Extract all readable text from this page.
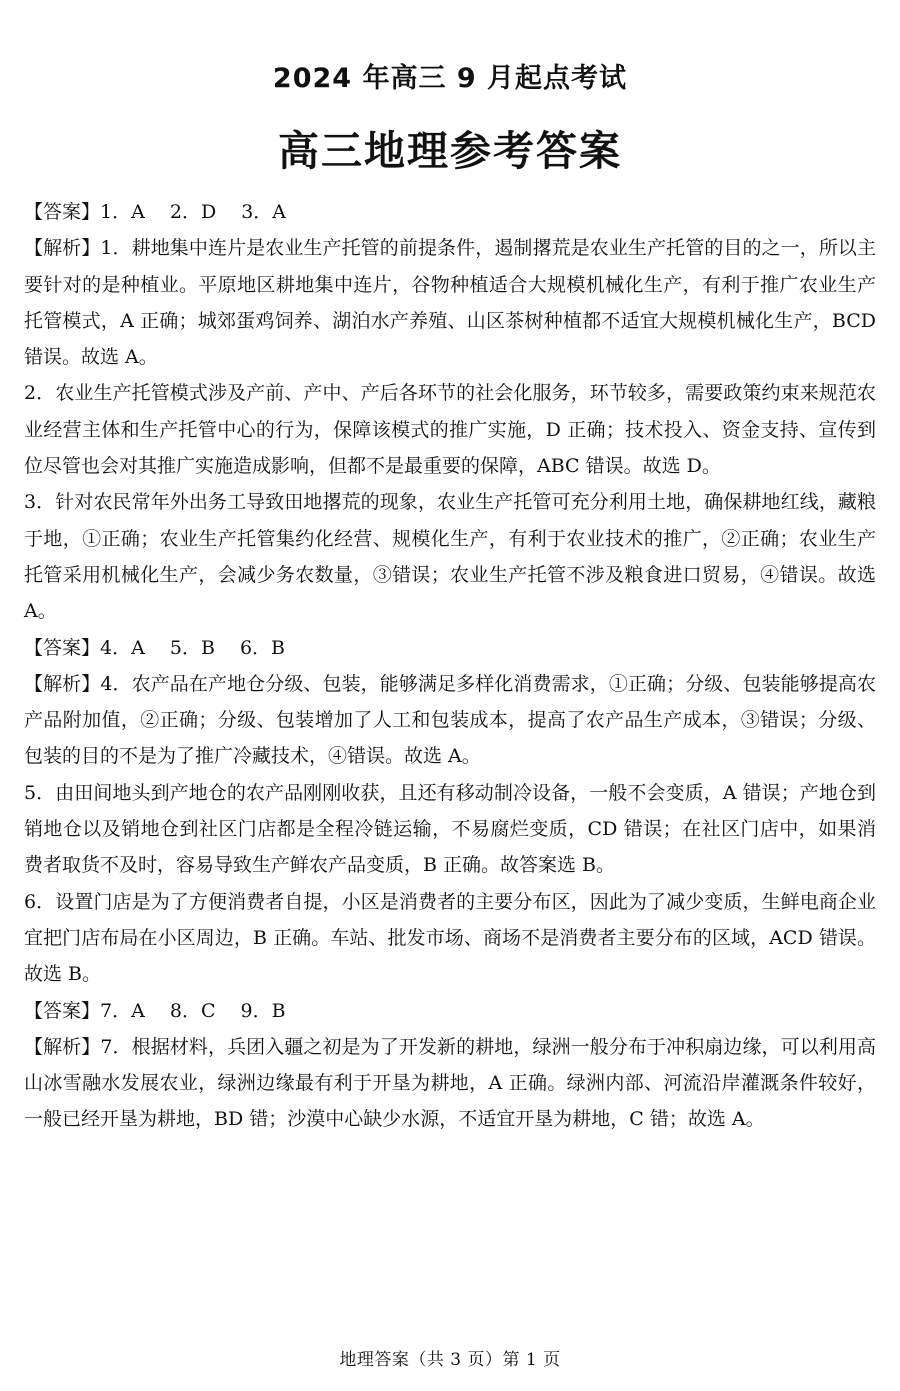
2024 年高三 9 月起点考试
高三地理参考答案

【答案】1．A　 2．D　 3．A

【解析】1．耕地集中连片是农业生产托管的前提条件，遏制撂荒是农业生产托管的目的之一，所以主要针对的是种植业。平原地区耕地集中连片，谷物种植适合大规模机械化生产，有利于推广农业生产托管模式，A 正确；城郊蛋鸡饲养、湖泊水产养殖、山区茶树种植都不适宜大规模机械化生产，BCD 错误。故选 A。

2．农业生产托管模式涉及产前、产中、产后各环节的社会化服务，环节较多，需要政策约束来规范农业经营主体和生产托管中心的行为，保障该模式的推广实施，D 正确；技术投入、资金支持、宣传到位尽管也会对其推广实施造成影响，但都不是最重要的保障，ABC 错误。故选 D。

3．针对农民常年外出务工导致田地撂荒的现象，农业生产托管可充分利用土地，确保耕地红线，藏粮于地，①正确；农业生产托管集约化经营、规模化生产，有利于农业技术的推广，②正确；农业生产托管采用机械化生产，会减少务农数量，③错误；农业生产托管不涉及粮食进口贸易，④错误。故选 A。

【答案】4．A　 5．B　 6．B

【解析】4．农产品在产地仓分级、包装，能够满足多样化消费需求，①正确；分级、包装能够提高农产品附加值，②正确；分级、包装增加了人工和包装成本，提高了农产品生产成本，③错误；分级、包装的目的不是为了推广冷藏技术，④错误。故选 A。

5．由田间地头到产地仓的农产品刚刚收获，且还有移动制冷设备，一般不会变质，A 错误；产地仓到销地仓以及销地仓到社区门店都是全程冷链运输，不易腐烂变质，CD 错误；在社区门店中，如果消费者取货不及时，容易导致生产鲜农产品变质，B 正确。故答案选 B。

6．设置门店是为了方便消费者自提，小区是消费者的主要分布区，因此为了减少变质，生鲜电商企业宜把门店布局在小区周边，B 正确。车站、批发市场、商场不是消费者主要分布的区域，ACD 错误。故选 B。

【答案】7．A　 8．C　 9．B

【解析】7．根据材料，兵团入疆之初是为了开发新的耕地，绿洲一般分布于冲积扇边缘，可以利用高山冰雪融水发展农业，绿洲边缘最有利于开垦为耕地，A 正确。绿洲内部、河流沿岸灌溉条件较好，一般已经开垦为耕地，BD 错；沙漠中心缺少水源，不适宜开垦为耕地，C 错；故选 A。

地理答案（共 3 页）第 1 页
